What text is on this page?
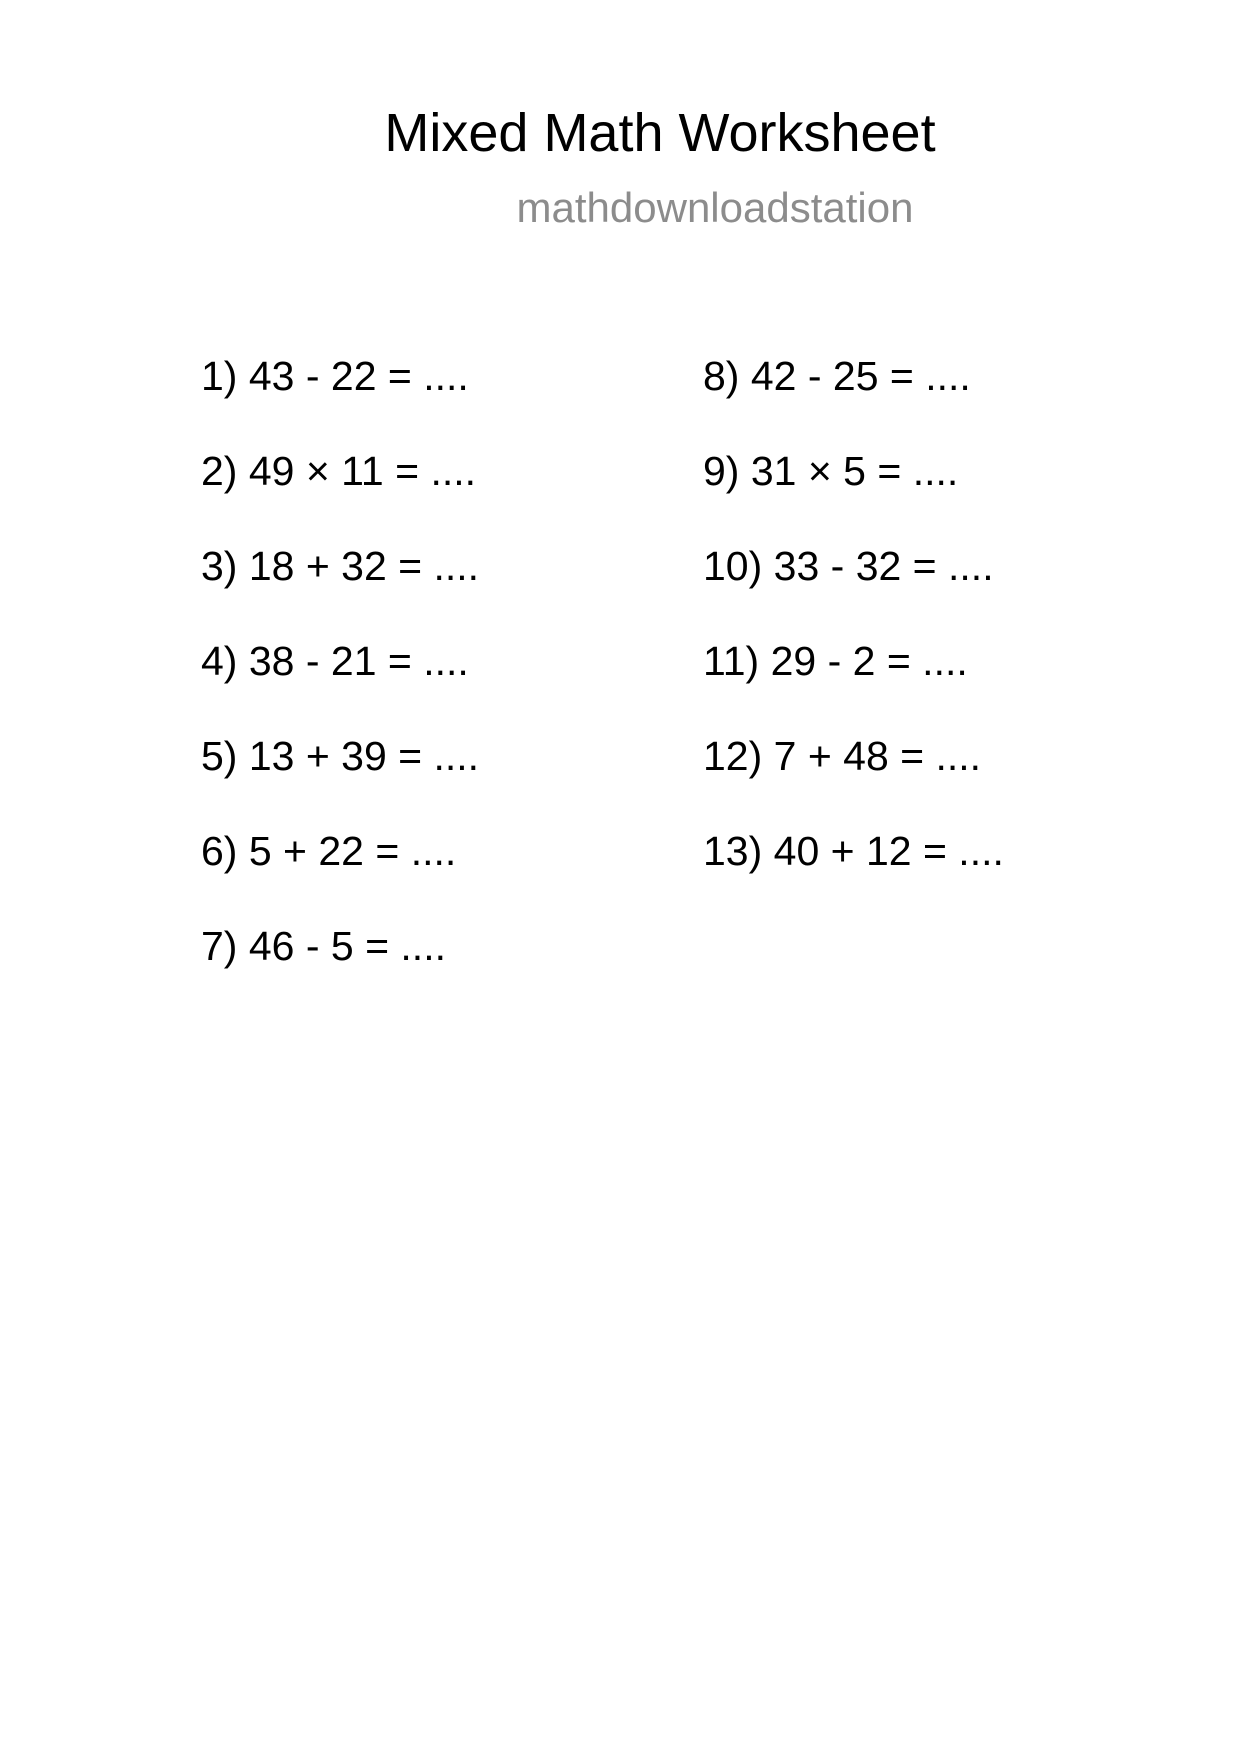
Mixed Math Worksheet
mathdownloadstation
1) 43 - 22 = ....
2) 49 × 11 = ....
3) 18 + 32 = ....
4) 38 - 21 = ....
5) 13 + 39 = ....
6) 5 + 22 = ....
7) 46 - 5 = ....
8) 42 - 25 = ....
9) 31 × 5 = ....
10) 33 - 32 = ....
11) 29 - 2 = ....
12) 7 + 48 = ....
13) 40 + 12 = ....
